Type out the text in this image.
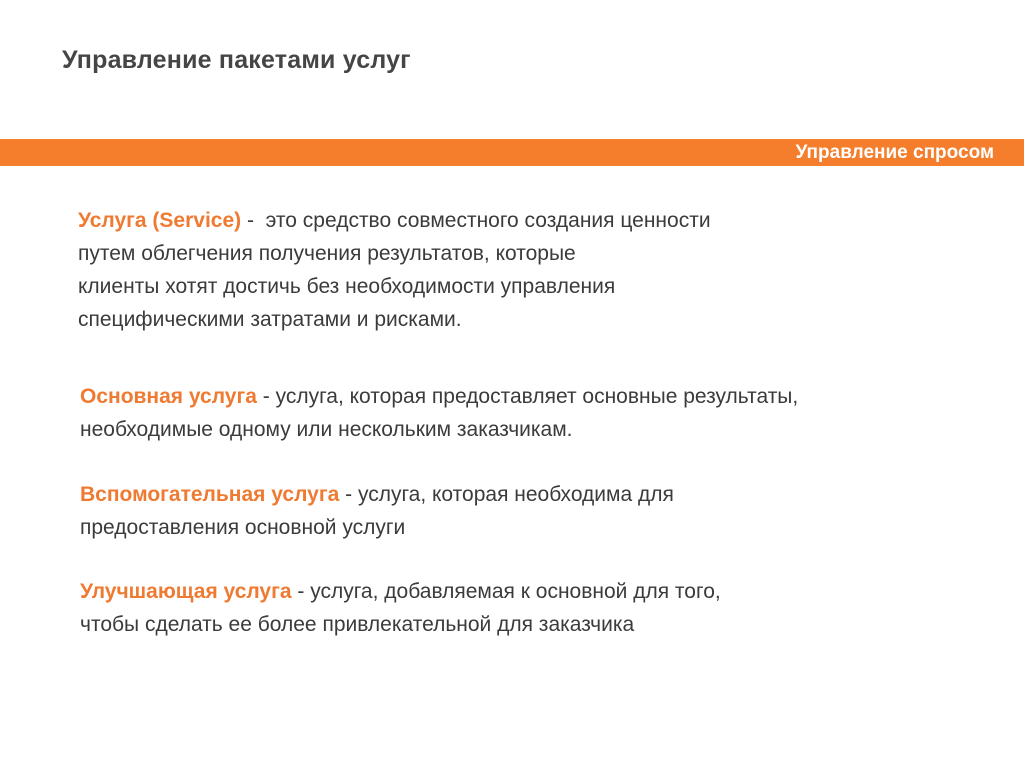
Управление пакетами услуг
Управление спросом

Услуга (Service) -  это средство совместного создания ценности
путем облегчения получения результатов, которые
клиенты хотят достичь без необходимости управления
специфическими затратами и рисками.

Основная услуга - услуга, которая предоставляет основные результаты,
необходимые одному или нескольким заказчикам.

Вспомогательная услуга - услуга, которая необходима для
предоставления основной услуги

Улучшающая услуга - услуга, добавляемая к основной для того,
чтобы сделать ее более привлекательной для заказчика
